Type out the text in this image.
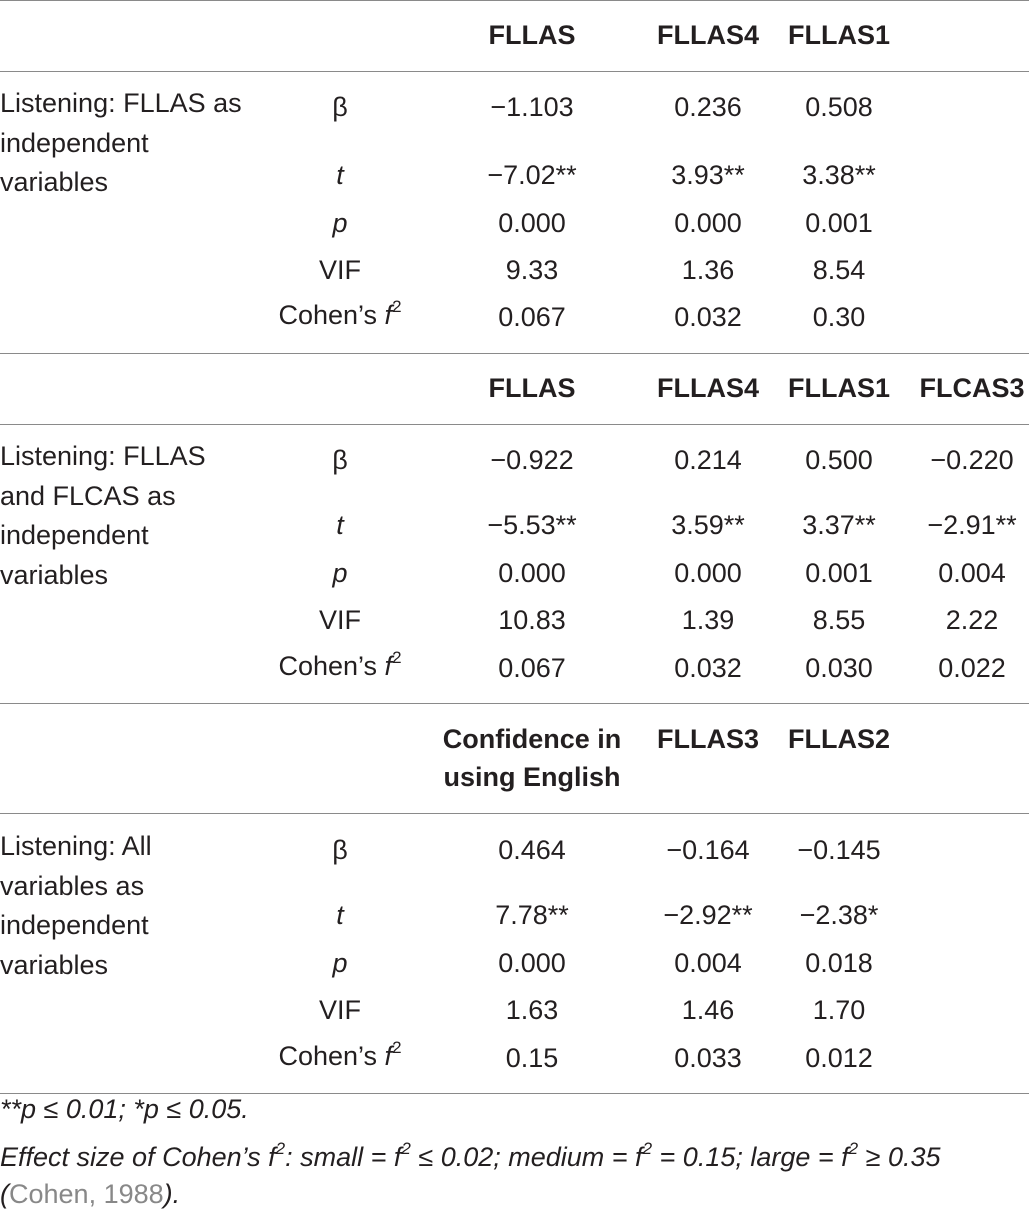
Listening: FLLAS as
independent
variables
FLLAS	FLLAS4	FLLAS1
β	−1.103	0.236	0.508
t	−7.02**	3.93**	3.38**
p	0.000	0.000	0.001
VIF	9.33	1.36	8.54
Cohen’s $f^2$	0.067	0.032	0.30
Listening: FLLAS
and FLCAS as
independent
variables
FLLAS	FLLAS4	FLLAS1	FLCAS3
β	−0.922	0.214	0.500	−0.220
t	−5.53**	3.59**	3.37**	−2.91**
p	0.000	0.000	0.001	0.004
VIF	10.83	1.39	8.55	2.22
Cohen’s $f^2$	0.067	0.032	0.030	0.022
Listening: All
variables as
independent
variables
Confidence in
using English
FLLAS3	FLLAS2
β	0.464	−0.164	−0.145
t	7.78**	−2.92**	−2.38*
p	0.000	0.004	0.018
VIF	1.63	1.46	1.70
Cohen’s $f^2$	0.15	0.033	0.012
**p ≤ 0.01; *p ≤ 0.05.
Effect size of Cohen’s $f^2$: small = $f^2 \le 0.02$; medium = $f^2 = 0.15$; large = $f^2 \ge 0.35$
(Cohen, 1988).
